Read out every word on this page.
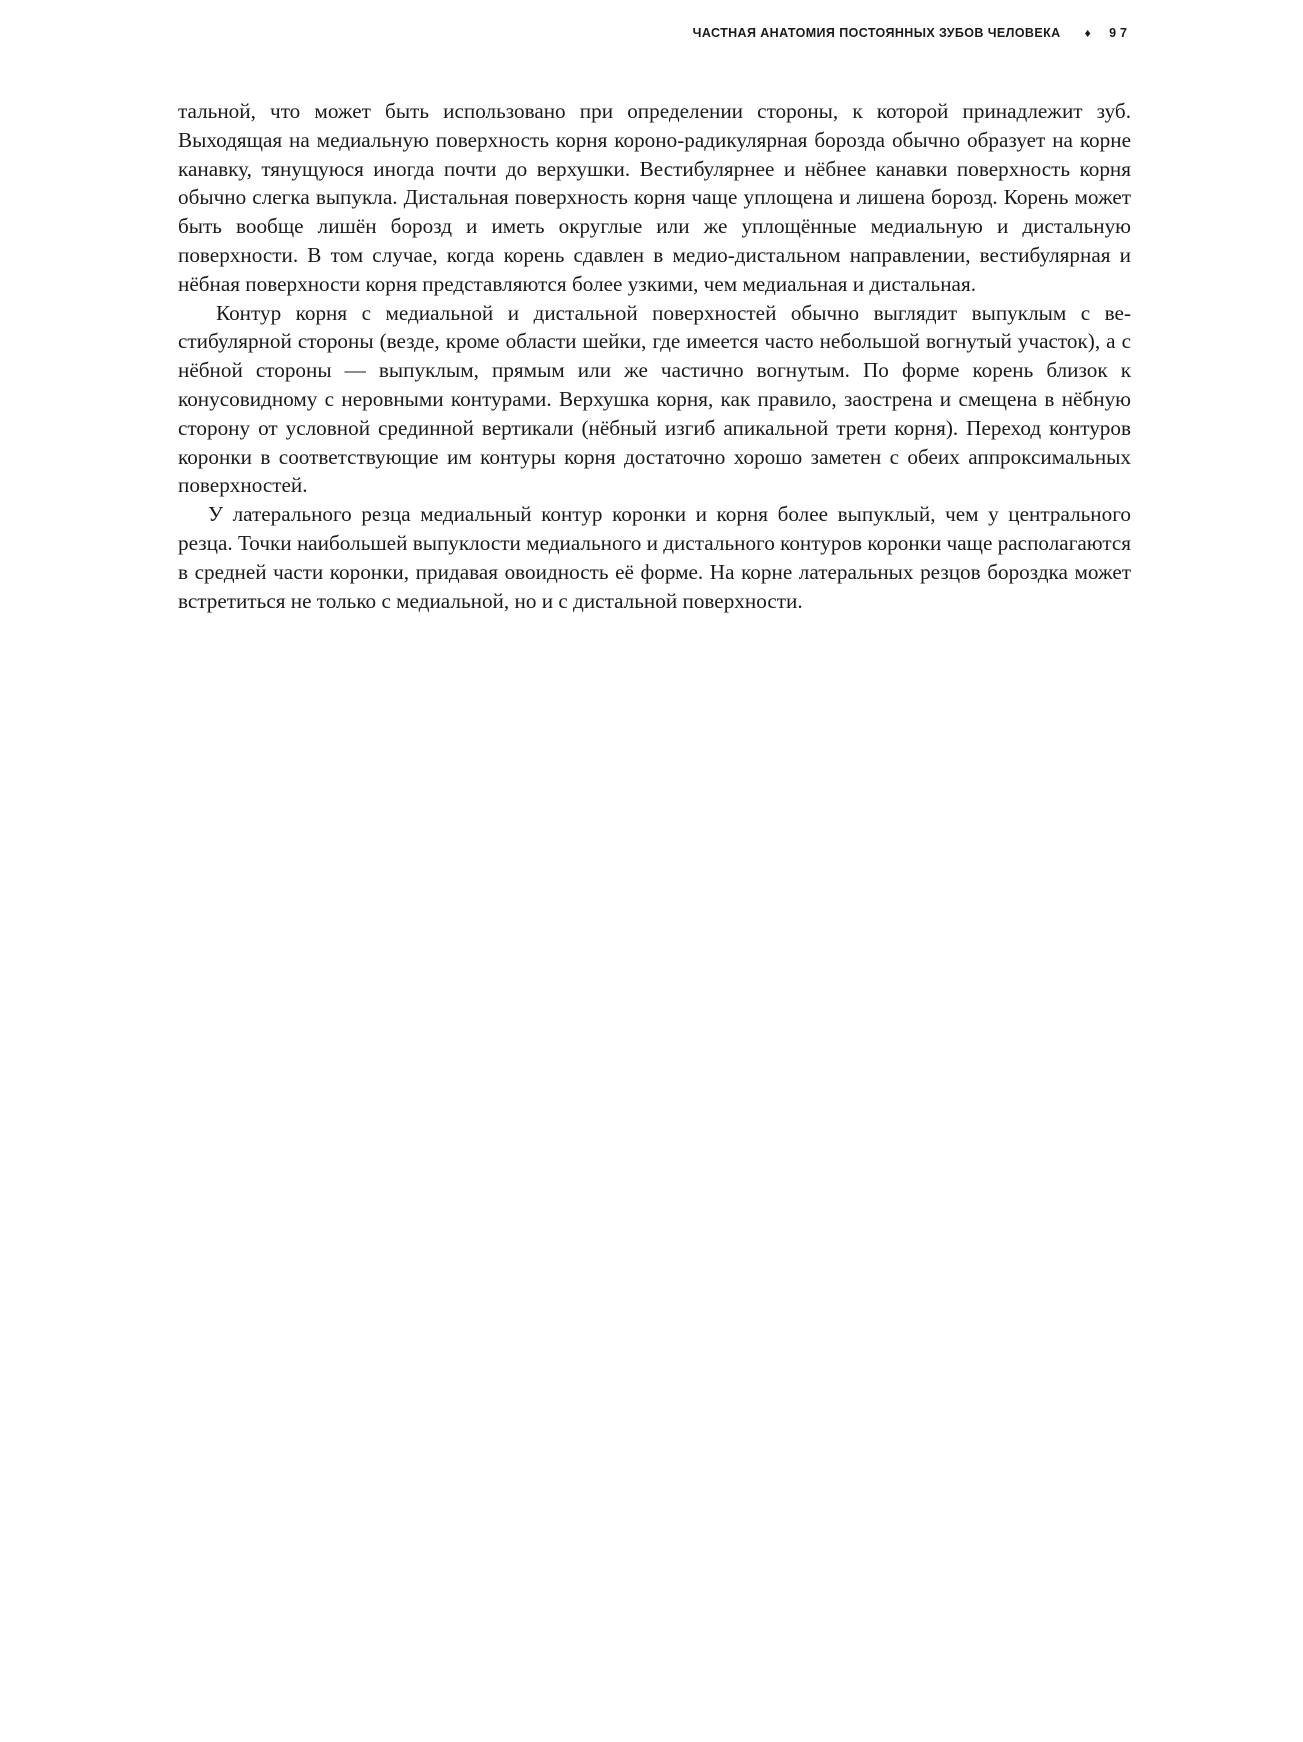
ЧАСТНАЯ АНАТОМИЯ ПОСТОЯННЫХ ЗУБОВ ЧЕЛОВЕКА ♦ 97

тальной, что может быть использовано при определении стороны, к которой принадлежит зуб. Выходящая на медиальную поверхность корня короно-радикулярная борозда обычно образует на корне канавку, тянущуюся иногда почти до верхушки. Вестибулярнее и нёбнее канавки поверхность корня обычно слегка выпукла. Дистальная поверхность корня чаще уплощена и лишена борозд. Корень может быть вообще лишён борозд и иметь округлые или же уплощённые медиальную и дистальную поверхности. В том случае, когда корень сдавлен в медио-дистальном направлении, вестибулярная и нёбная поверхности корня представляются более узкими, чем медиальная и дистальная.

Контур корня с медиальной и дистальной поверхностей обычно выглядит выпуклым с вестибулярной стороны (везде, кроме области шейки, где имеется часто небольшой вогнутый участок), а с нёбной стороны — выпуклым, прямым или же частично вогнутым. По форме корень близок к конусовидному с неровными контурами. Верхушка корня, как правило, заострена и смещена в нёбную сторону от условной срединной вертикали (нёбный изгиб апикальной трети корня). Переход контуров коронки в соответствующие им контуры корня достаточно хорошо заметен с обеих аппроксимальных поверхностей.

У латерального резца медиальный контур коронки и корня более выпуклый, чем у центрального резца. Точки наибольшей выпуклости медиального и дистального контуров коронки чаще располагаются в средней части коронки, придавая овоидность её форме. На корне латеральных резцов бороздка может встретиться не только с медиальной, но и с дистальной поверхности.
